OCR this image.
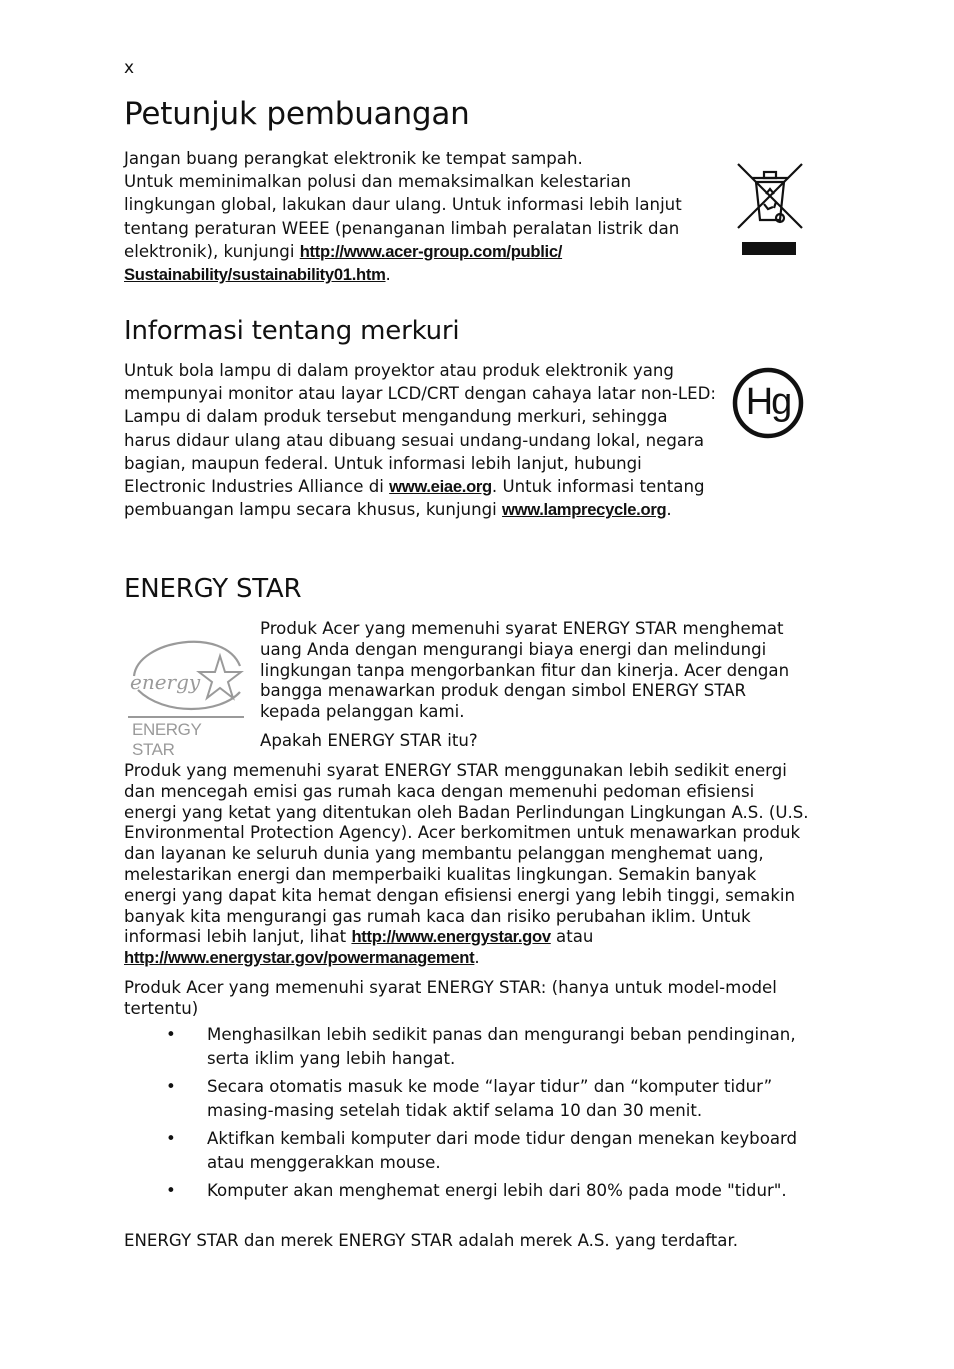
x
Petunjuk pembuangan
Jangan buang perangkat elektronik ke tempat sampah.
Untuk meminimalkan polusi dan memaksimalkan kelestarian lingkungan global, lakukan daur ulang. Untuk informasi lebih lanjut tentang peraturan WEEE (penanganan limbah peralatan listrik dan elektronik), kunjungi http://www.acer-group.com/public/ Sustainability/sustainability01.htm.
Informasi tentang merkuri
Untuk bola lampu di dalam proyektor atau produk elektronik yang mempunyai monitor atau layar LCD/CRT dengan cahaya latar non-LED: Lampu di dalam produk tersebut mengandung merkuri, sehingga harus didaur ulang atau dibuang sesuai undang-undang lokal, negara bagian, maupun federal. Untuk informasi lebih lanjut, hubungi Electronic Industries Alliance di www.eiae.org. Untuk informasi tentang pembuangan lampu secara khusus, kunjungi www.lamprecycle.org.
Hg
ENERGY STAR
energy
ENERGY STAR
Produk Acer yang memenuhi syarat ENERGY STAR menghemat uang Anda dengan mengurangi biaya energi dan melindungi lingkungan tanpa mengorbankan fitur dan kinerja. Acer dengan bangga menawarkan produk dengan simbol ENERGY STAR kepada pelanggan kami.
Apakah ENERGY STAR itu?
Produk yang memenuhi syarat ENERGY STAR menggunakan lebih sedikit energi dan mencegah emisi gas rumah kaca dengan memenuhi pedoman efisiensi energi yang ketat yang ditentukan oleh Badan Perlindungan Lingkungan A.S. (U.S. Environmental Protection Agency). Acer berkomitmen untuk menawarkan produk dan layanan ke seluruh dunia yang membantu pelanggan menghemat uang, melestarikan energi dan memperbaiki kualitas lingkungan. Semakin banyak energi yang dapat kita hemat dengan efisiensi energi yang lebih tinggi, semakin banyak kita mengurangi gas rumah kaca dan risiko perubahan iklim. Untuk informasi lebih lanjut, lihat http://www.energystar.gov atau http://www.energystar.gov/powermanagement.
Produk Acer yang memenuhi syarat ENERGY STAR: (hanya untuk model-model tertentu)
• Menghasilkan lebih sedikit panas dan mengurangi beban pendinginan, serta iklim yang lebih hangat.
• Secara otomatis masuk ke mode “layar tidur” dan “komputer tidur” masing-masing setelah tidak aktif selama 10 dan 30 menit.
• Aktifkan kembali komputer dari mode tidur dengan menekan keyboard atau menggerakkan mouse.
• Komputer akan menghemat energi lebih dari 80% pada mode "tidur".
ENERGY STAR dan merek ENERGY STAR adalah merek A.S. yang terdaftar.
